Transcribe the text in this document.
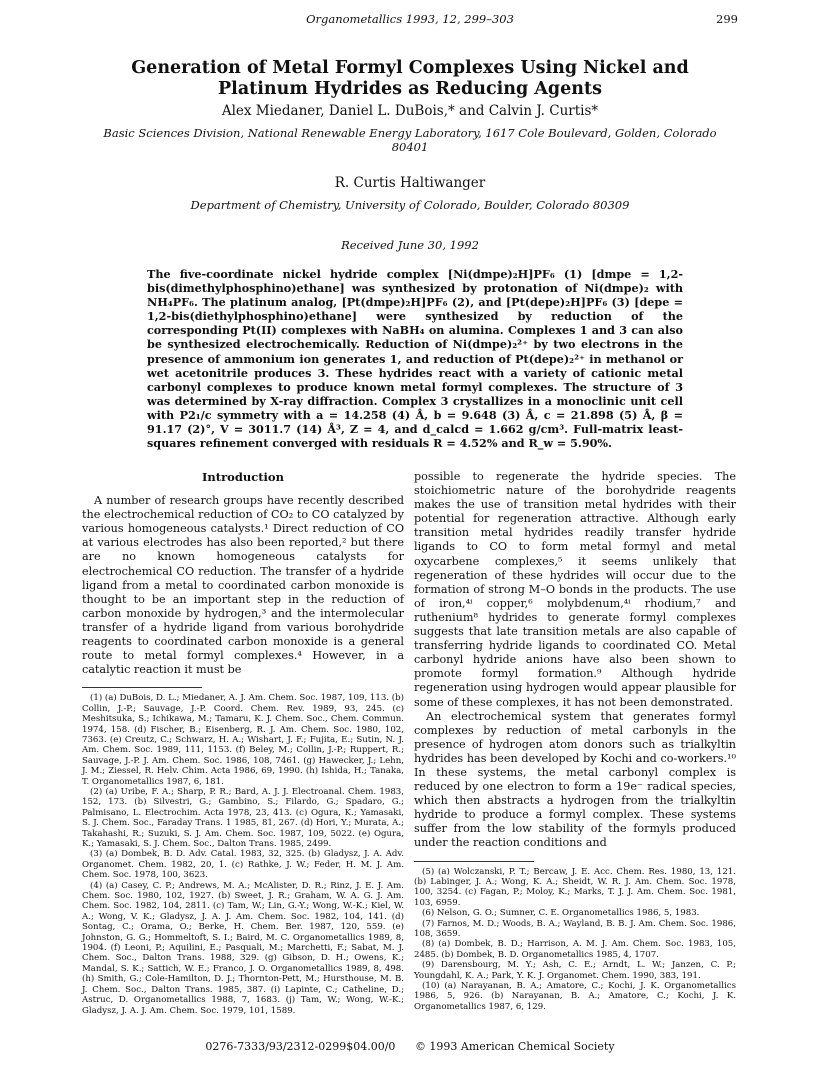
Organometallics 1993, 12, 299–303	299
Generation of Metal Formyl Complexes Using Nickel and Platinum Hydrides as Reducing Agents
Alex Miedaner, Daniel L. DuBois,* and Calvin J. Curtis*
Basic Sciences Division, National Renewable Energy Laboratory, 1617 Cole Boulevard, Golden, Colorado 80401
R. Curtis Haltiwanger
Department of Chemistry, University of Colorado, Boulder, Colorado 80309
Received June 30, 1992
The five-coordinate nickel hydride complex [Ni(dmpe)₂H]PF₆ (1) [dmpe = 1,2-bis(dimethylphosphino)ethane] was synthesized by protonation of Ni(dmpe)₂ with NH₄PF₆. The platinum analog, [Pt(dmpe)₂H]PF₆ (2), and [Pt(depe)₂H]PF₆ (3) [depe = 1,2-bis(diethylphosphino)ethane] were synthesized by reduction of the corresponding Pt(II) complexes with NaBH₄ on alumina. Complexes 1 and 3 can also be synthesized electrochemically. Reduction of Ni(dmpe)₂²⁺ by two electrons in the presence of ammonium ion generates 1, and reduction of Pt(depe)₂²⁺ in methanol or wet acetonitrile produces 3. These hydrides react with a variety of cationic metal carbonyl complexes to produce known metal formyl complexes. The structure of 3 was determined by X-ray diffraction. Complex 3 crystallizes in a monoclinic unit cell with P2₁/c symmetry with a = 14.258 (4) Å, b = 9.648 (3) Å, c = 21.898 (5) Å, β = 91.17 (2)°, V = 3011.7 (14) Å³, Z = 4, and d_calcd = 1.662 g/cm³. Full-matrix least-squares refinement converged with residuals R = 4.52% and R_w = 5.90%.
Introduction

A number of research groups have recently described the electrochemical reduction of CO₂ to CO catalyzed by various homogeneous catalysts.¹ Direct reduction of CO at various electrodes has also been reported,² but there are no known homogeneous catalysts for electrochemical CO reduction. The transfer of a hydride ligand from a metal to coordinated carbon monoxide is thought to be an important step in the reduction of carbon monoxide by hydrogen,³ and the intermolecular transfer of a hydride ligand from various borohydride reagents to coordinated carbon monoxide is a general route to metal formyl complexes.⁴ However, in a catalytic reaction it must be

(1) (a) DuBois, D. L.; Miedaner, A. J. Am. Chem. Soc. 1987, 109, 113. (b) Collin, J.-P.; Sauvage, J.-P. Coord. Chem. Rev. 1989, 93, 245. (c) Meshitsuka, S.; Ichikawa, M.; Tamaru, K. J. Chem. Soc., Chem. Commun. 1974, 158. (d) Fischer, B.; Eisenberg, R. J. Am. Chem. Soc. 1980, 102, 7363. (e) Creutz, C.; Schwarz, H. A.; Wishart, J. F.; Fujita, E.; Sutin, N. J. Am. Chem. Soc. 1989, 111, 1153. (f) Beley, M.; Collin, J.-P.; Ruppert, R.; Sauvage, J.-P. J. Am. Chem. Soc. 1986, 108, 7461. (g) Hawecker, J.; Lehn, J. M.; Ziessel, R. Helv. Chim. Acta 1986, 69, 1990. (h) Ishida, H.; Tanaka, T. Organometallics 1987, 6, 181.

(2) (a) Uribe, F. A.; Sharp, P. R.; Bard, A. J. J. Electroanal. Chem. 1983, 152, 173. (b) Silvestri, G.; Gambino, S.; Filardo, G.; Spadaro, G.; Palmisano, L. Electrochim. Acta 1978, 23, 413. (c) Ogura, K.; Yamasaki, S. J. Chem. Soc., Faraday Trans. 1 1985, 81, 267. (d) Hori, Y.; Murata, A.; Takahashi, R.; Suzuki, S. J. Am. Chem. Soc. 1987, 109, 5022. (e) Ogura, K.; Yamasaki, S. J. Chem. Soc., Dalton Trans. 1985, 2499.

(3) (a) Dombek, B. D. Adv. Catal. 1983, 32, 325. (b) Gladysz, J. A. Adv. Organomet. Chem. 1982, 20, 1. (c) Rathke, J. W.; Feder, H. M. J. Am. Chem. Soc. 1978, 100, 3623.

(4) (a) Casey, C. P.; Andrews, M. A.; McAlister, D. R.; Rinz, J. E. J. Am. Chem. Soc. 1980, 102, 1927. (b) Sweet, J. R.; Graham, W. A. G. J. Am. Chem. Soc. 1982, 104, 2811. (c) Tam, W.; Lin, G.-Y.; Wong, W.-K.; Kiel, W. A.; Wong, V. K.; Gladysz, J. A. J. Am. Chem. Soc. 1982, 104, 141. (d) Sontag, C.; Orama, O.; Berke, H. Chem. Ber. 1987, 120, 559. (e) Johnston, G. G.; Hommeltoft, S. I.; Baird, M. C. Organometallics 1989, 8, 1904. (f) Leoni, P.; Aquilini, E.; Pasquali, M.; Marchetti, F.; Sabat, M. J. Chem. Soc., Dalton Trans. 1988, 329. (g) Gibson, D. H.; Owens, K.; Mandal, S. K.; Sattich, W. E.; Franco, J. O. Organometallics 1989, 8, 498. (h) Smith, G.; Cole-Hamilton, D. J.; Thornton-Pett, M.; Hursthouse, M. B. J. Chem. Soc., Dalton Trans. 1985, 387. (i) Lapinte, C.; Catheline, D.; Astruc, D. Organometallics 1988, 7, 1683. (j) Tam, W.; Wong, W.-K.; Gladysz, J. A. J. Am. Chem. Soc. 1979, 101, 1589.

possible to regenerate the hydride species. The stoichiometric nature of the borohydride reagents makes the use of transition metal hydrides with their potential for regeneration attractive. Although early transition metal hydrides readily transfer hydride ligands to CO to form metal formyl and metal oxycarbene complexes,⁵ it seems unlikely that regeneration of these hydrides will occur due to the formation of strong M–O bonds in the products. The use of iron,⁴ⁱ copper,⁶ molybdenum,⁴ⁱ rhodium,⁷ and ruthenium⁸ hydrides to generate formyl complexes suggests that late transition metals are also capable of transferring hydride ligands to coordinated CO. Metal carbonyl hydride anions have also been shown to promote formyl formation.⁹ Although hydride regeneration using hydrogen would appear plausible for some of these complexes, it has not been demonstrated.

An electrochemical system that generates formyl complexes by reduction of metal carbonyls in the presence of hydrogen atom donors such as trialkyltin hydrides has been developed by Kochi and co-workers.¹⁰ In these systems, the metal carbonyl complex is reduced by one electron to form a 19e⁻ radical species, which then abstracts a hydrogen from the trialkyltin hydride to produce a formyl complex. These systems suffer from the low stability of the formyls produced under the reaction conditions and

(5) (a) Wolczanski, P. T.; Bercaw, J. E. Acc. Chem. Res. 1980, 13, 121. (b) Labinger, J. A.; Wong, K. A.; Sheidt, W. R. J. Am. Chem. Soc. 1978, 100, 3254. (c) Fagan, P.; Moloy, K.; Marks, T. J. J. Am. Chem. Soc. 1981, 103, 6959.

(6) Nelson, G. O.; Sumner, C. E. Organometallics 1986, 5, 1983.

(7) Farnos, M. D.; Woods, B. A.; Wayland, B. B. J. Am. Chem. Soc. 1986, 108, 3659.

(8) (a) Dombek, B. D.; Harrison, A. M. J. Am. Chem. Soc. 1983, 105, 2485. (b) Dombek, B. D. Organometallics 1985, 4, 1707.

(9) Darensbourg, M. Y.; Ash, C. E.; Arndt, L. W.; Janzen, C. P.; Youngdahl, K. A.; Park, Y. K. J. Organomet. Chem. 1990, 383, 191.

(10) (a) Narayanan, B. A.; Amatore, C.; Kochi, J. K. Organometallics 1986, 5, 926. (b) Narayanan, B. A.; Amatore, C.; Kochi, J. K. Organometallics 1987, 6, 129.

0276-7333/93/2312-0299$04.00/0 © 1993 American Chemical Society
